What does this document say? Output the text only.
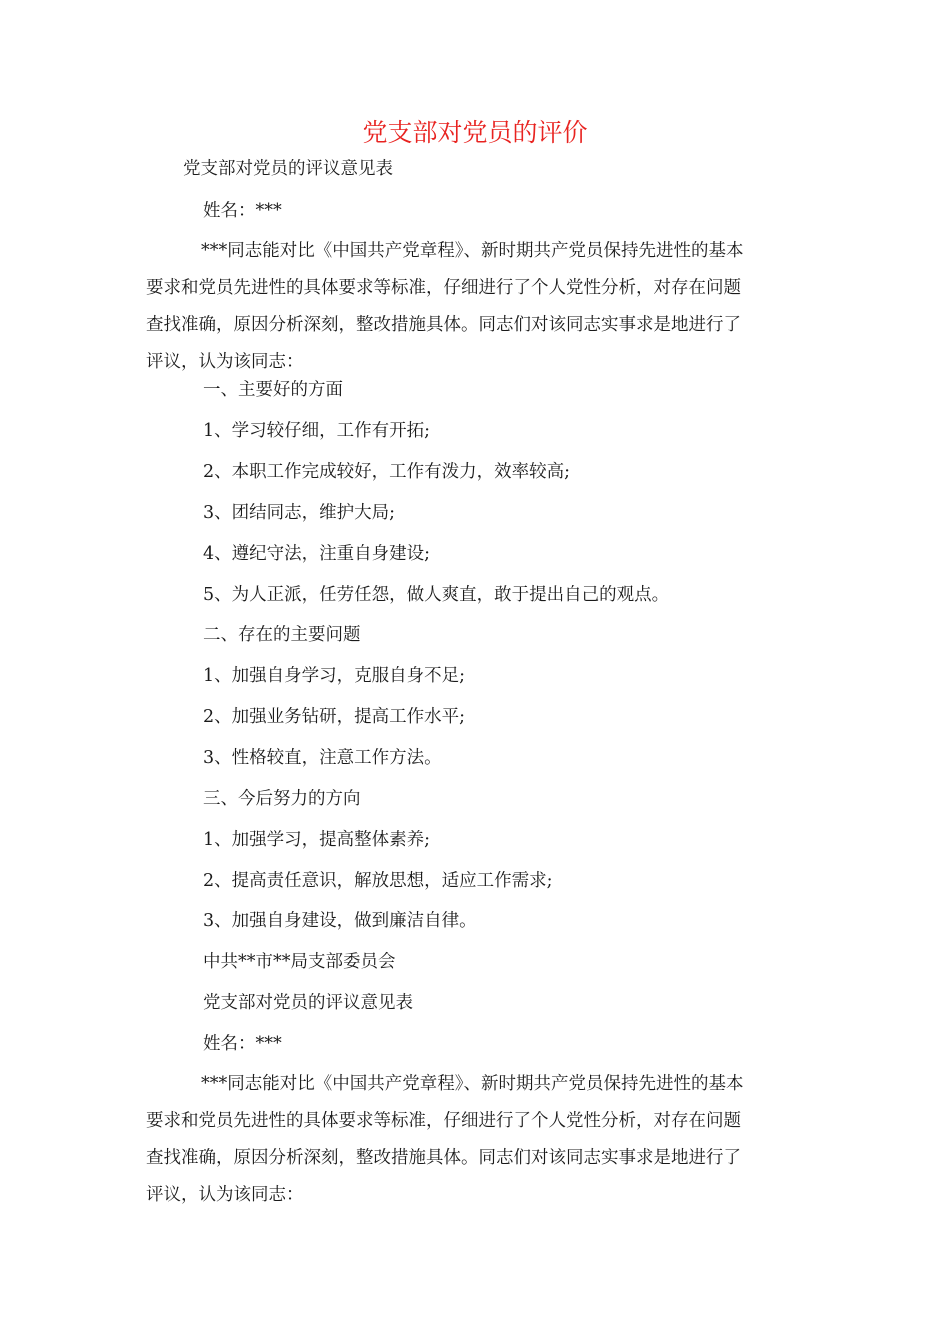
党支部对党员的评价
党支部对党员的评议意见表
姓名：***
***同志能对比《中国共产党章程》、新时期共产党员保持先进性的基本
要求和党员先进性的具体要求等标准，仔细进行了个人党性分析，对存在问题
查找准确，原因分析深刻，整改措施具体。同志们对该同志实事求是地进行了
评议，认为该同志：
一、主要好的方面
1、学习较仔细，工作有开拓;
2、本职工作完成较好，工作有泼力，效率较高;
3、团结同志，维护大局;
4、遵纪守法，注重自身建设;
5、为人正派，任劳任怨，做人爽直，敢于提出自己的观点。
二、存在的主要问题
1、加强自身学习，克服自身不足;
2、加强业务钻研，提高工作水平;
3、性格较直，注意工作方法。
三、今后努力的方向
1、加强学习，提高整体素养;
2、提高责任意识，解放思想，适应工作需求;
3、加强自身建设，做到廉洁自律。
中共**市**局支部委员会
党支部对党员的评议意见表
姓名：***
***同志能对比《中国共产党章程》、新时期共产党员保持先进性的基本
要求和党员先进性的具体要求等标准，仔细进行了个人党性分析，对存在问题
查找准确，原因分析深刻，整改措施具体。同志们对该同志实事求是地进行了
评议，认为该同志：
